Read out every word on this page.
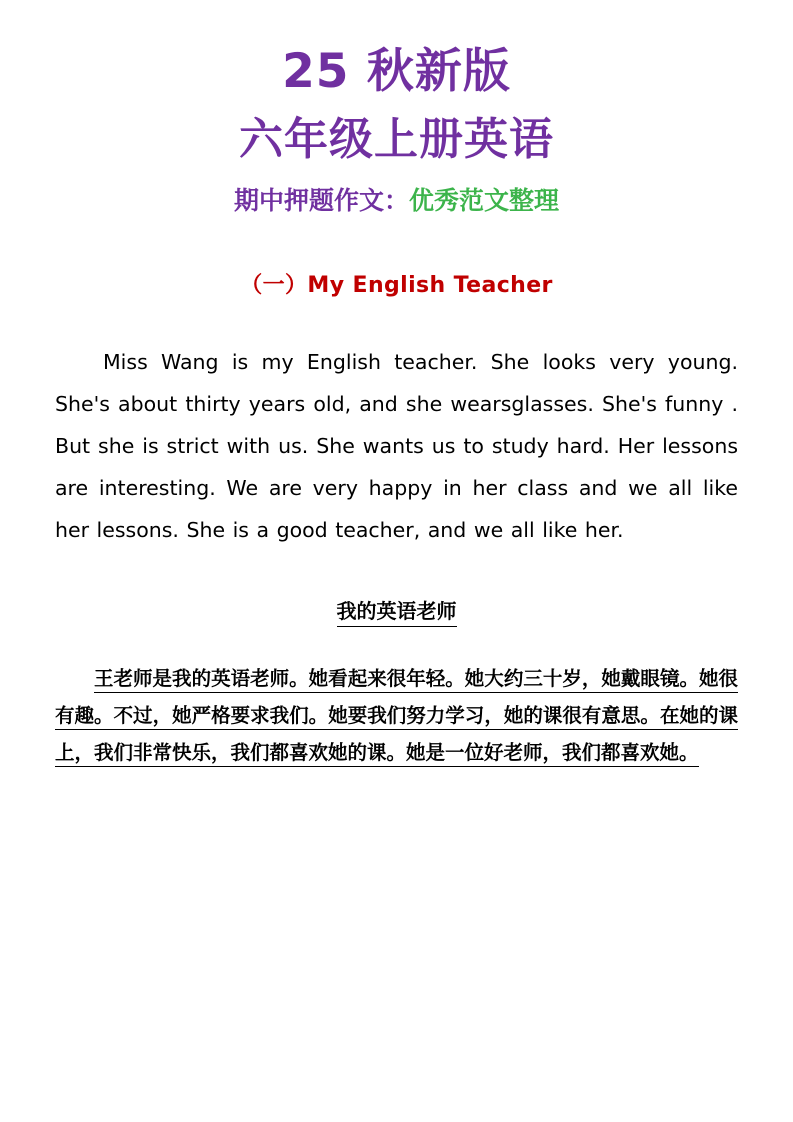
25 秋新版
六年级上册英语
期中押题作文：优秀范文整理
（一）My English Teacher

Miss Wang is my English teacher. She looks very young. She's about thirty years old, and she wearsglasses. She's funny . But she is strict with us. She wants us to study hard. Her lessons are interesting. We are very happy in her class and we all like her lessons. She is a good teacher, and we all like her.

我的英语老师

王老师是我的英语老师。她看起来很年轻。她大约三十岁，她戴眼镜。她很有趣。不过，她严格要求我们。她要我们努力学习，她的课很有意思。在她的课上，我们非常快乐，我们都喜欢她的课。她是一位好老师，我们都喜欢她。
